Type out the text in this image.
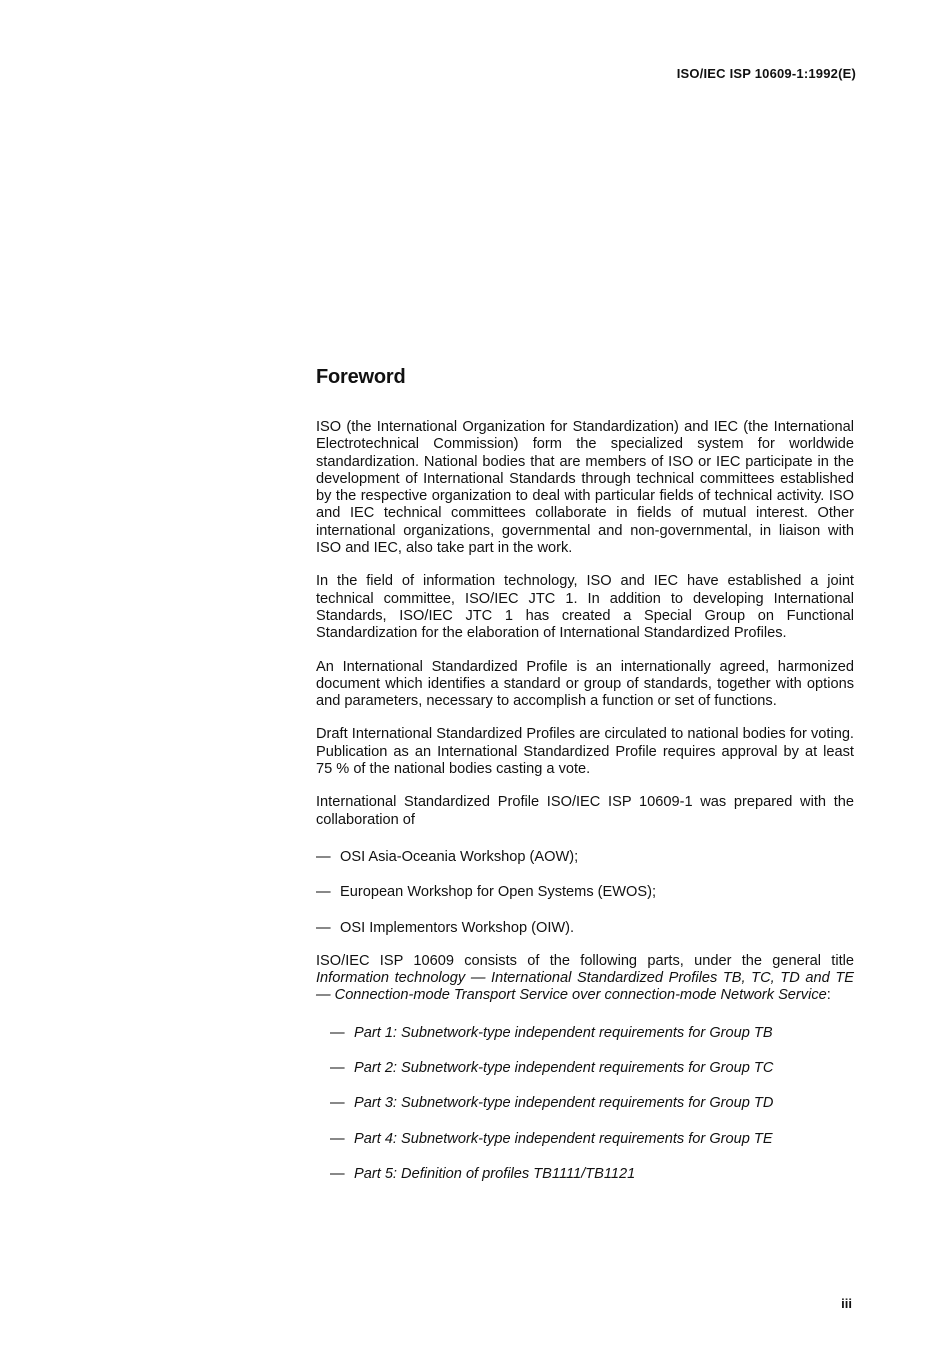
ISO/IEC ISP 10609-1:1992(E)
Foreword

ISO (the International Organization for Standardization) and IEC (the International Electrotechnical Commission) form the specialized system for worldwide standardization. National bodies that are members of ISO or IEC participate in the development of International Standards through technical committees established by the respective organization to deal with particular fields of technical activity. ISO and IEC technical committees collaborate in fields of mutual interest. Other international organizations, governmental and non-governmental, in liaison with ISO and IEC, also take part in the work.

In the field of information technology, ISO and IEC have established a joint technical committee, ISO/IEC JTC 1. In addition to developing International Standards, ISO/IEC JTC 1 has created a Special Group on Functional Standardization for the elaboration of International Standardized Profiles.

An International Standardized Profile is an internationally agreed, harmonized document which identifies a standard or group of standards, together with options and parameters, necessary to accomplish a function or set of functions.

Draft International Standardized Profiles are circulated to national bodies for voting. Publication as an International Standardized Profile requires approval by at least 75 % of the national bodies casting a vote.

International Standardized Profile ISO/IEC ISP 10609-1 was prepared with the collaboration of

— OSI Asia-Oceania Workshop (AOW);
— European Workshop for Open Systems (EWOS);
— OSI Implementors Workshop (OIW).

ISO/IEC ISP 10609 consists of the following parts, under the general title Information technology — International Standardized Profiles TB, TC, TD and TE — Connection-mode Transport Service over connection-mode Network Service:

— Part 1: Subnetwork-type independent requirements for Group TB
— Part 2: Subnetwork-type independent requirements for Group TC
— Part 3: Subnetwork-type independent requirements for Group TD
— Part 4: Subnetwork-type independent requirements for Group TE
— Part 5: Definition of profiles TB1111/TB1121
iii
